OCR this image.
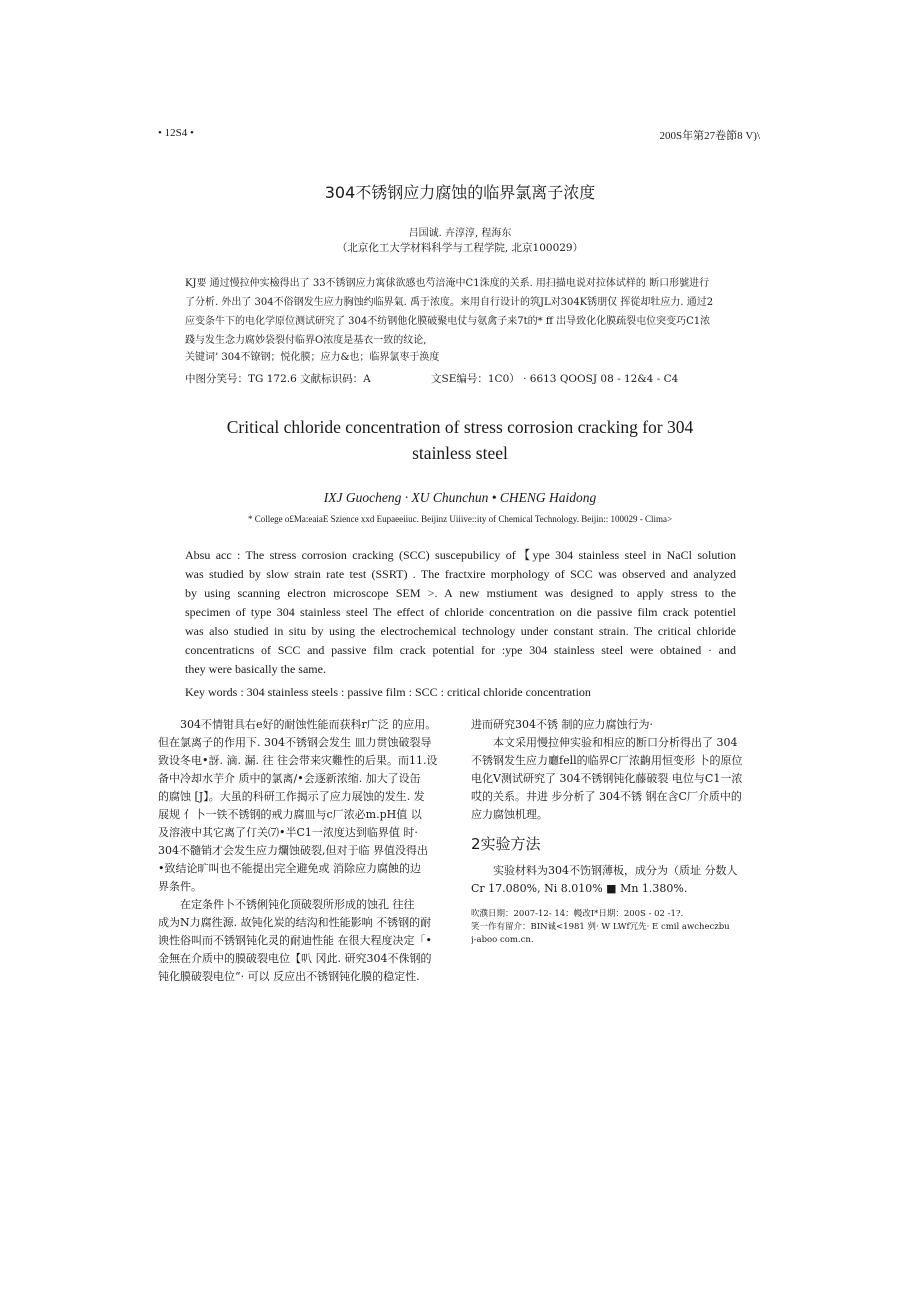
• 12S4 •	200S年第27卷節8 V)\
304不锈钢应力腐蚀的临界氯离子浓度
吕国诚. 卉淳淳, 程海东
（北京化工大学材料科学与工程学院, 北京100029）

KJ要 通过慢拉仲实檢得出了 33不锈钢应力寓俅欲感也芍涪淹中C1洙度的关系. 用扫描电说对拉体试样的 断口形號进行
了分析. 外出了 304不俗钢发生应力胸蚀约临界氣. 禹于浓度。来用自行设计的筑JL对304K锈朋仅 挥從却牡应力. 通过2
应变条牛下的电化学原位测试研究了 304不纺钢他化膜破聚电仗与氨禽子来7t的* ff 岀导致化化膜疏裂屯位突变巧C1浓
踐与发生念力腐妙袋裂付临界O浓度是基衣一致的纹论,

关键词’ 304不镣钢；悦化膜；应力&也；临界氯枣于涣度

中图分笑号：TG 172.6 文献标识码：A	文SE编号：1C0） · 6613 QOOSJ 08 - 12&4 - C4

Critical chloride concentration of stress corrosion cracking for 304
stainless steel
IXJ Guocheng · XU Chunchun • CHENG Haidong
* College o£Ma:eaiaE Szience xxd Eupaeeiiuc. Beijinz Uiiive::ity of Chemical Technology. Beijin:: 100029 - Clima>

Absu acc : The stress corrosion cracking (SCC) suscepubilicy of【ype 304 stainless steel in NaCl solution
was studied by slow strain rate test (SSRT) . The fractxire morphology of SCC was observed and analyzed
by using scanning electron microscope SEM >. A new mstiument was designed to apply stress to the
specimen of type 304 stainless steel The effect of chloride concentration on die passive film crack potentiel
was also studied in situ by using the electrochemical technology under constant strain. The critical chloride
concentraticns of SCC and passive film crack potential for :ype 304 stainless steel were obtained · and
they were basically the same.

Key words : 304 stainless steels : passive film : SCC : critical chloride concentration

304不情钳具右e好的耐蚀性能而获科r广泛 的应用。
但在氯离子的作用下. 304不锈钢会发生 皿力贯蚀破裂导
致设冬电•訝. 滴. 漏. 往 往会带来灾難性的后果。而11.设
备中冷却水芋介 质中的氯离/•会逐新浓缩. 加大了设缶
的腐蚀 [J】。大虽的科研工作揭示了应力展蚀的发生. 发
展规 亻卜一铁不锈钢的戒力腐皿与c厂浓必m.pH值 以
及溶液中其它离了仃关⑺•半C1一浓度达到临界值 时·
304不髓销才会发生应力爛蚀破裂,但对于临 界值没得出
•致结论旷叫也不能提出完全避免或 消除应力腐蝕的边
界条件。

在定条件卜不锈俐钝化顶破裂所形成的蚀孔 往往
成为N力腐徃源. 故钝化炭的结沟和性能影响 不锈钢的耐
谀性俗叫而不锈钢钝化灵的耐迪性能 在很大程度决定「•
金無在介质中的膜破裂电位【叭 冈此. 研究304不侏钢的
钝化膜破裂电位“· 可以 反应出不锈钢钝化膜的稳定性.

进而研究304不锈 制的应力腐蚀行为·

本文采用慢拉伸实验和相应的断口分析得出了 304
不锈钢发生应力廳fell的临界C厂浓齣用恒变形 卜的原位
电化V测试研究了 304不锈钢钝化藤破裂 电位与C1一浓
哎的关系。井进 步分析了 304不锈 钢在含C厂介质中的
应力腐蚀机理。

2实验方法

实验材料为304不饬钢薄板，成分为（质址 分数人
Cr 17.080%, Ni 8.010% ■ Mn 1.380%.

吹濮日期：2007-12- 14：幔改I*日期：200S - 02 -1?.
笑一作有留介：BIN诚<1981 刿· W LWf冗先· E cmil awcheczbu
j-aboo com.cn.
